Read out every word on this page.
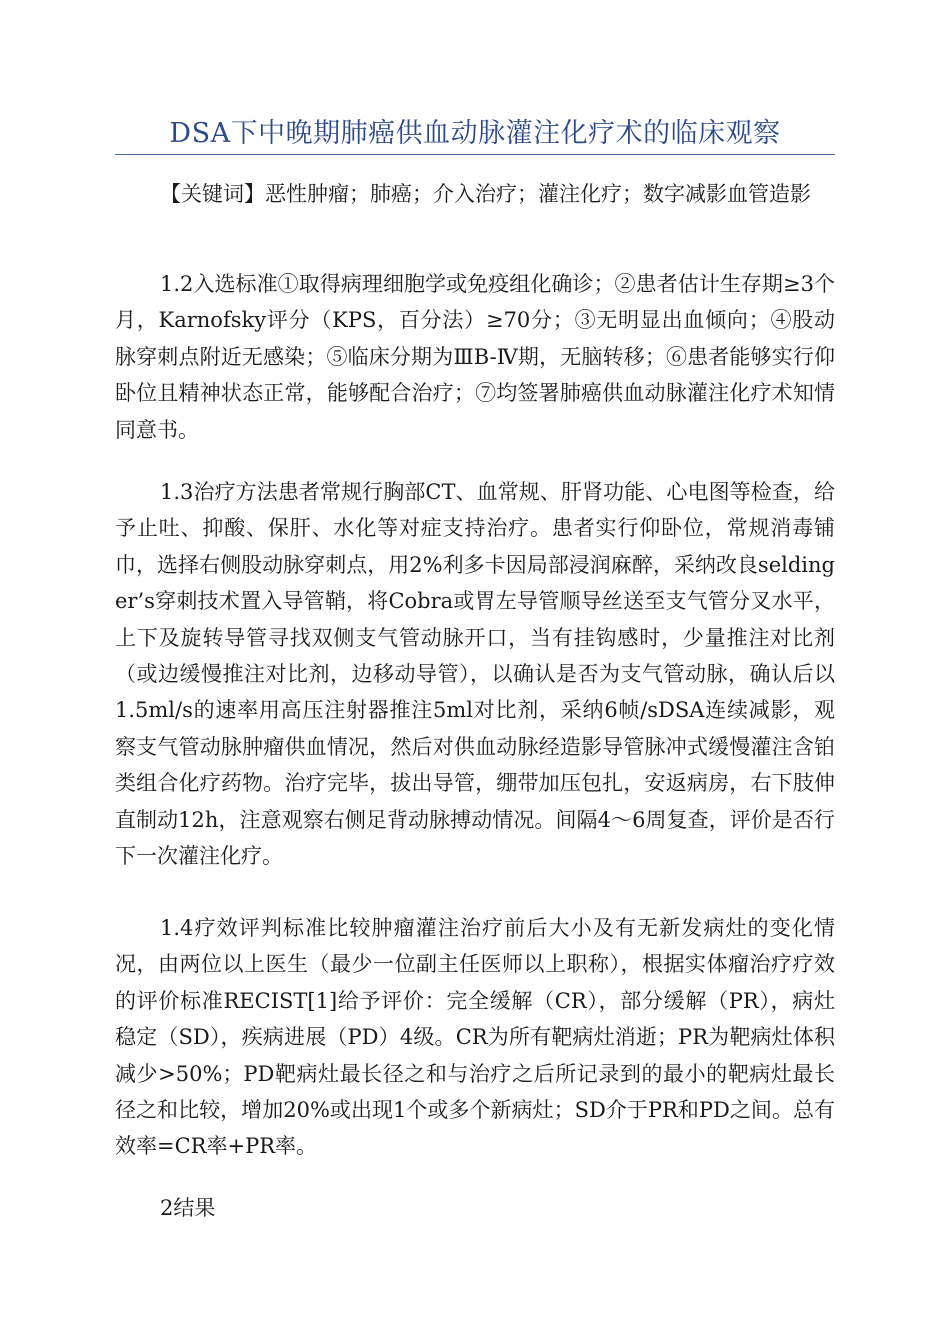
DSA下中晚期肺癌供血动脉灌注化疗术的临床观察

【关键词】恶性肿瘤；肺癌；介入治疗；灌注化疗；数字减影血管造影

1.2入选标准①取得病理细胞学或免疫组化确诊；②患者估计生存期≥3个月，Karnofsky评分（KPS，百分法）≥70分；③无明显出血倾向；④股动脉穿刺点附近无感染；⑤临床分期为ⅢB-Ⅳ期，无脑转移；⑥患者能够实行仰卧位且精神状态正常，能够配合治疗；⑦均签署肺癌供血动脉灌注化疗术知情同意书。

1.3治疗方法患者常规行胸部CT、血常规、肝肾功能、心电图等检查，给予止吐、抑酸、保肝、水化等对症支持治疗。患者实行仰卧位，常规消毒铺巾，选择右侧股动脉穿刺点，用2%利多卡因局部浸润麻醉，采纳改良seldinger’s穿刺技术置入导管鞘，将Cobra或胃左导管顺导丝送至支气管分叉水平，上下及旋转导管寻找双侧支气管动脉开口，当有挂钩感时，少量推注对比剂（或边缓慢推注对比剂，边移动导管），以确认是否为支气管动脉，确认后以1.5ml/s的速率用高压注射器推注5ml对比剂，采纳6帧/sDSA连续减影，观察支气管动脉肿瘤供血情况，然后对供血动脉经造影导管脉冲式缓慢灌注含铂类组合化疗药物。治疗完毕，拔出导管，绷带加压包扎，安返病房，右下肢伸直制动12h，注意观察右侧足背动脉搏动情况。间隔4～6周复查，评价是否行下一次灌注化疗。

1.4疗效评判标准比较肿瘤灌注治疗前后大小及有无新发病灶的变化情况，由两位以上医生（最少一位副主任医师以上职称），根据实体瘤治疗疗效的评价标准RECIST[1]给予评价：完全缓解（CR），部分缓解（PR），病灶稳定（SD），疾病进展（PD）4级。CR为所有靶病灶消逝；PR为靶病灶体积减少>50%；PD靶病灶最长径之和与治疗之后所记录到的最小的靶病灶最长径之和比较，增加20%或出现1个或多个新病灶；SD介于PR和PD之间。总有效率=CR率+PR率。

2结果
